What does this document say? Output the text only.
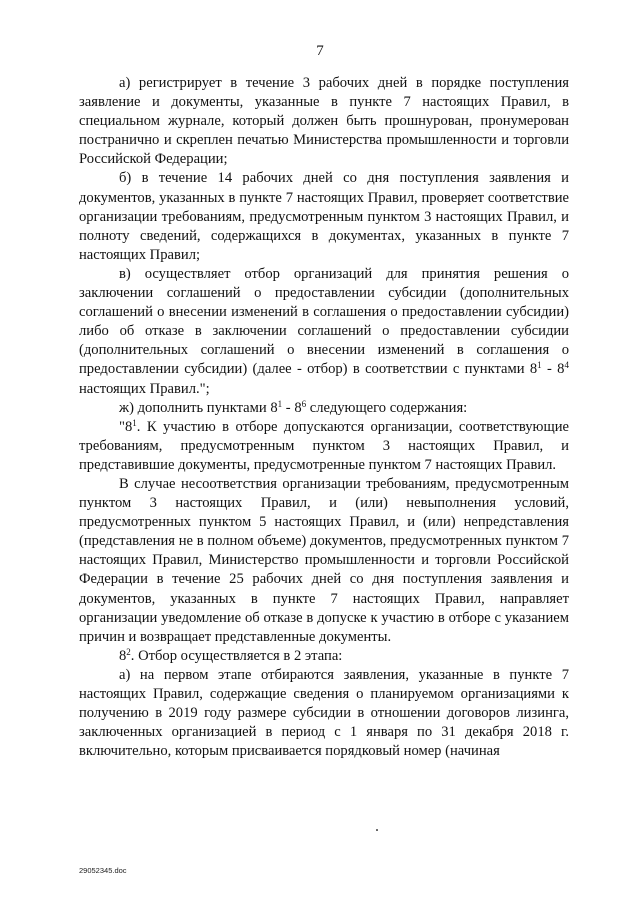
7

а) регистрирует в течение 3 рабочих дней в порядке поступления заявление и документы, указанные в пункте 7 настоящих Правил, в специальном журнале, который должен быть прошнурован, пронумерован постранично и скреплен печатью Министерства промышленности и торговли Российской Федерации;

б) в течение 14 рабочих дней со дня поступления заявления и документов, указанных в пункте 7 настоящих Правил, проверяет соответствие организации требованиям, предусмотренным пунктом 3 настоящих Правил, и полноту сведений, содержащихся в документах, указанных в пункте 7 настоящих Правил;

в) осуществляет отбор организаций для принятия решения о заключении соглашений о предоставлении субсидии (дополнительных соглашений о внесении изменений в соглашения о предоставлении субсидии) либо об отказе в заключении соглашений о предоставлении субсидии (дополнительных соглашений о внесении изменений в соглашения о предоставлении субсидии) (далее - отбор) в соответствии с пунктами $8^1 - 8^4$ настоящих Правил.";

ж) дополнить пунктами $8^1 - 8^6$ следующего содержания:

"$8^1$. К участию в отборе допускаются организации, соответствующие требованиям, предусмотренным пунктом 3 настоящих Правил, и представившие документы, предусмотренные пунктом 7 настоящих Правил.

В случае несоответствия организации требованиям, предусмотренным пунктом 3 настоящих Правил, и (или) невыполнения условий, предусмотренных пунктом 5 настоящих Правил, и (или) непредставления (представления не в полном объеме) документов, предусмотренных пунктом 7 настоящих Правил, Министерство промышленности и торговли Российской Федерации в течение 25 рабочих дней со дня поступления заявления и документов, указанных в пункте 7 настоящих Правил, направляет организации уведомление об отказе в допуске к участию в отборе с указанием причин и возвращает представленные документы.

$8^2$. Отбор осуществляется в 2 этапа:

а) на первом этапе отбираются заявления, указанные в пункте 7 настоящих Правил, содержащие сведения о планируемом организациями к получению в 2019 году размере субсидии в отношении договоров лизинга, заключенных организацией в период с 1 января по 31 декабря 2018 г. включительно, которым присваивается порядковый номер (начиная

29052345.doc
